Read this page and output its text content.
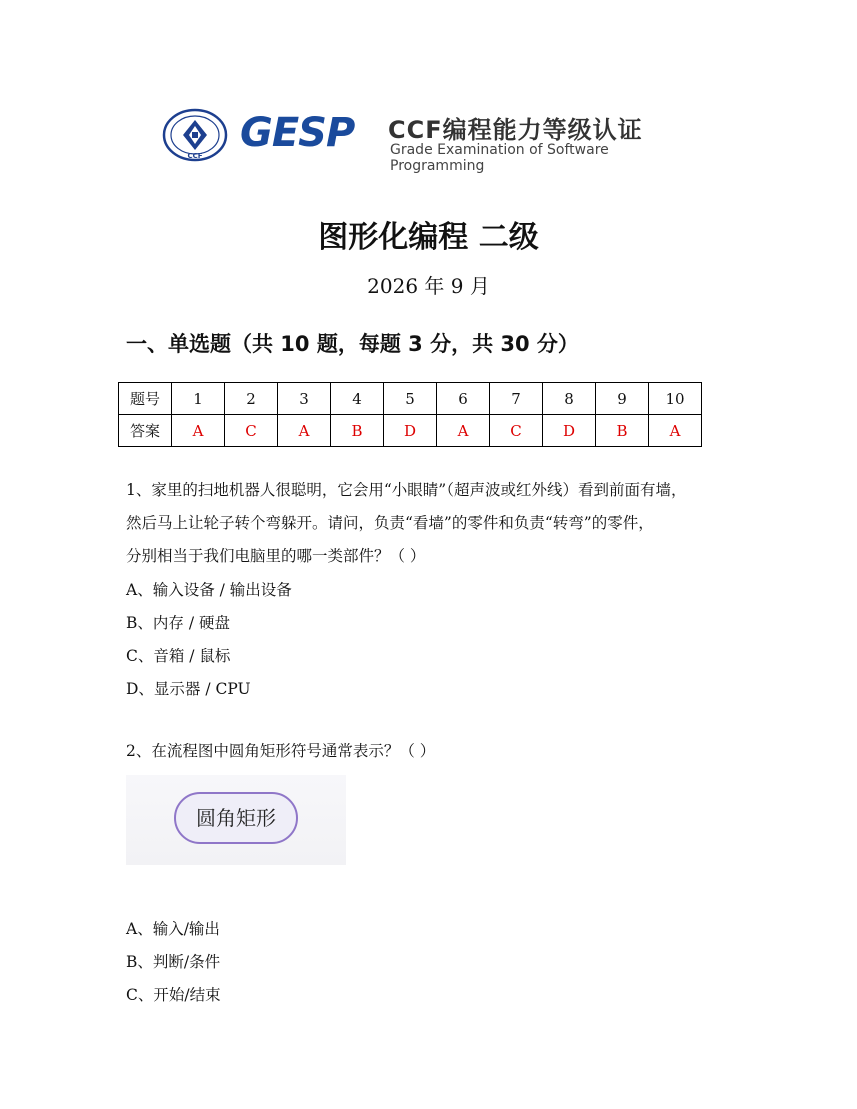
CCF GESP CCF编程能力等级认证
Grade Examination of Software Programming
图形化编程 二级
2026 年 9 月
一、单选题（共 10 题，每题 3 分，共 30 分）
题号	1	2	3	4	5	6	7	8	9	10
答案	A	C	A	B	D	A	C	D	B	A
1、家里的扫地机器人很聪明，它会用“小眼睛”（超声波或红外线）看到前面有墙，
然后马上让轮子转个弯躲开。请问，负责“看墙”的零件和负责“转弯”的零件，
分别相当于我们电脑里的哪一类部件？（ ）
A、输入设备 / 输出设备
B、内存 / 硬盘
C、音箱 / 鼠标
D、显示器 / CPU
2、在流程图中圆角矩形符号通常表示？（ ）
圆角矩形
A、输入/输出
B、判断/条件
C、开始/结束
